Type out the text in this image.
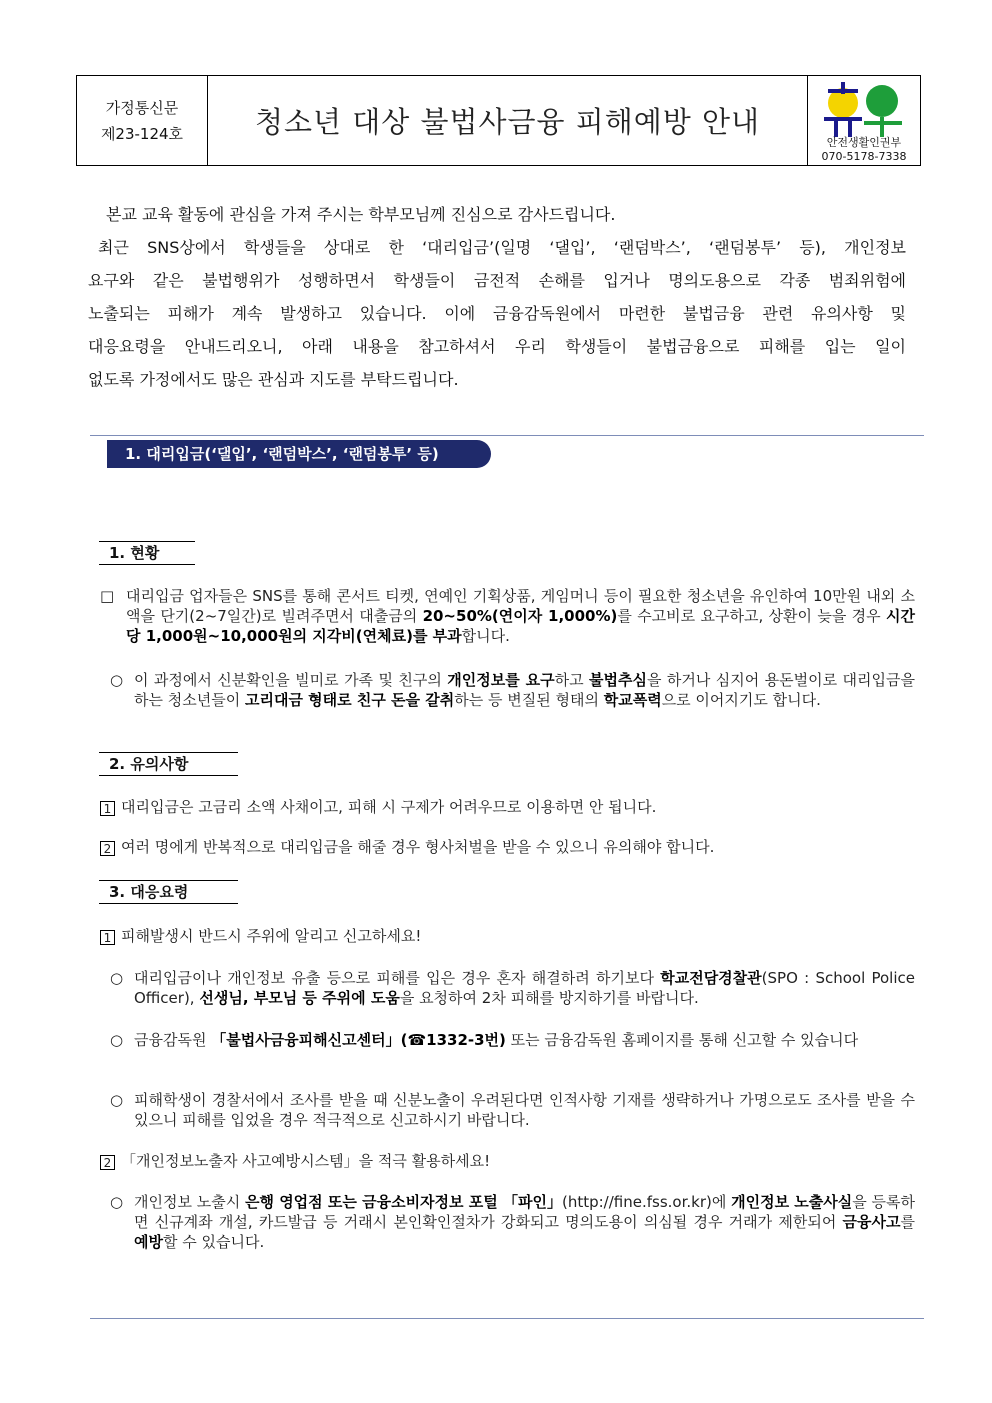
가정통신문
제23-124호	청소년 대상 불법사금융 피해예방 안내
안전생활인권부
070-5178-7338

본교 교육 활동에 관심을 가져 주시는 학부모님께 진심으로 감사드립니다.

최근 SNS상에서 학생들을 상대로 한 ‘대리입금’(일명 ‘댈입’, ‘랜덤박스’, ‘랜덤봉투’ 등), 개인정보

요구와 같은 불법행위가 성행하면서 학생들이 금전적 손해를 입거나 명의도용으로 각종 범죄위험에

노출되는 피해가 계속 발생하고 있습니다. 이에 금융감독원에서 마련한 불법금융 관련 유의사항 및

대응요령을 안내드리오니, 아래 내용을 참고하셔서 우리 학생들이 불법금융으로 피해를 입는 일이

없도록 가정에서도 많은 관심과 지도를 부탁드립니다.

1. 대리입금(‘댈입’, ‘랜덤박스’, ‘랜덤봉투’ 등)
1. 현황
□ 대리입금 업자들은 SNS를 통해 콘서트 티켓, 연예인 기획상품, 게임머니 등이 필요한 청소년을 유인하여 10만원 내외 소액을 단기(2~7일간)로 빌려주면서 대출금의 20~50%(연이자 1,000%)를 수고비로 요구하고, 상환이 늦을 경우 시간당 1,000원~10,000원의 지각비(연체료)를 부과합니다.
○ 이 과정에서 신분확인을 빌미로 가족 및 친구의 개인정보를 요구하고 불법추심을 하거나 심지어 용돈벌이로 대리입금을 하는 청소년들이 고리대금 형태로 친구 돈을 갈취하는 등 변질된 형태의 학교폭력으로 이어지기도 합니다.
2. 유의사항
1 대리입금은 고금리 소액 사채이고, 피해 시 구제가 어려우므로 이용하면 안 됩니다.
2 여러 명에게 반복적으로 대리입금을 해줄 경우 형사처벌을 받을 수 있으니 유의해야 합니다.
3. 대응요령
1 피해발생시 반드시 주위에 알리고 신고하세요!
○ 대리입금이나 개인정보 유출 등으로 피해를 입은 경우 혼자 해결하려 하기보다 학교전담경찰관(SPO : School Police Officer), 선생님, 부모님 등 주위에 도움을 요청하여 2차 피해를 방지하기를 바랍니다.
○ 금융감독원 「불법사금융피해신고센터」(☎1332-3번) 또는 금융감독원 홈페이지를 통해 신고할 수 있습니다
○ 피해학생이 경찰서에서 조사를 받을 때 신분노출이 우려된다면 인적사항 기재를 생략하거나 가명으로도 조사를 받을 수 있으니 피해를 입었을 경우 적극적으로 신고하시기 바랍니다.
2 「개인정보노출자 사고예방시스템」을 적극 활용하세요!
○ 개인정보 노출시 은행 영업점 또는 금융소비자정보 포털 「파인」(http://fine.fss.or.kr)에 개인정보 노출사실을 등록하면 신규계좌 개설, 카드발급 등 거래시 본인확인절차가 강화되고 명의도용이 의심될 경우 거래가 제한되어 금융사고를 예방할 수 있습니다.
